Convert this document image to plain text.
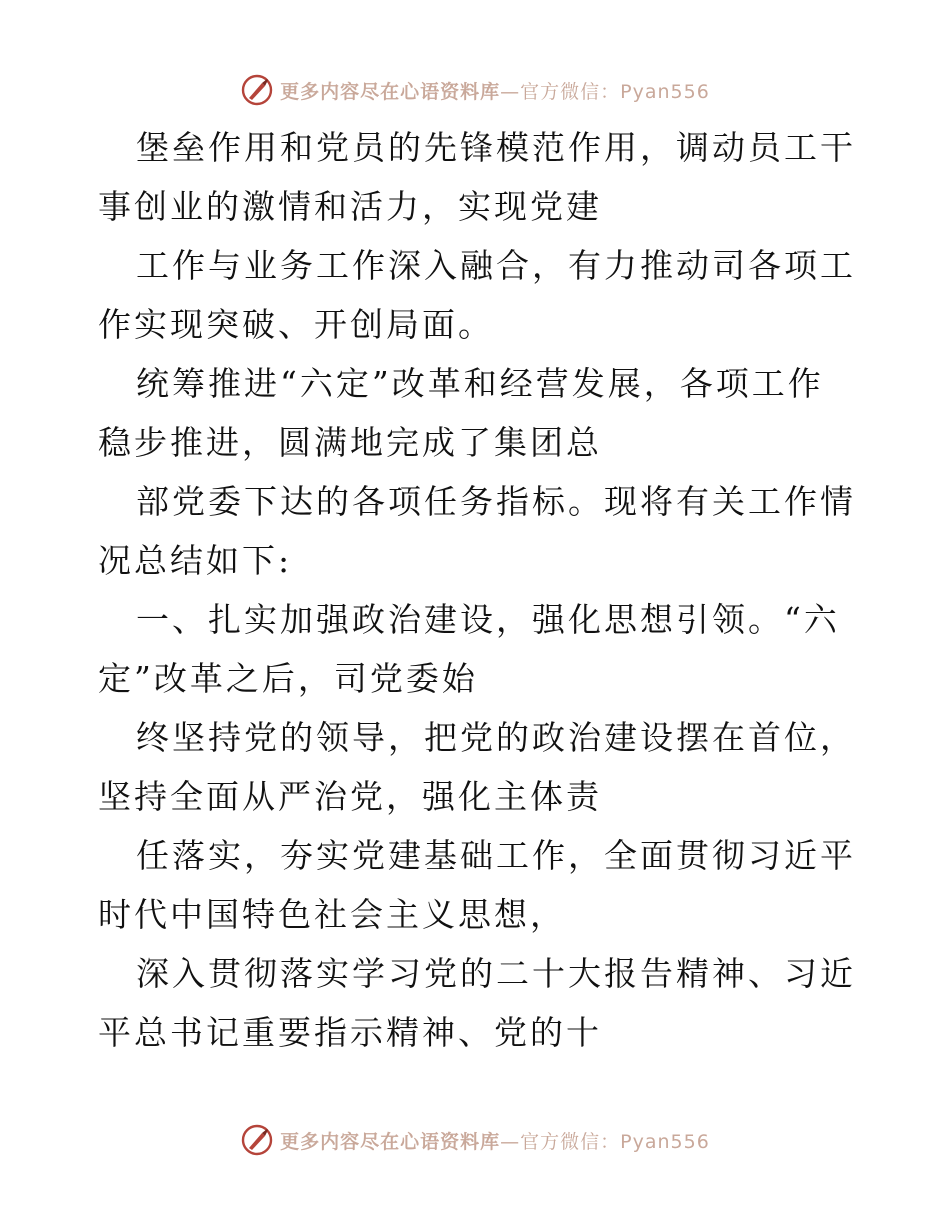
更多内容尽在心语资料库—官方微信：Pyan556

堡垒作用和党员的先锋模范作用，调动员工干事创业的激情和活力，实现党建

工作与业务工作深入融合，有力推动司各项工作实现突破、开创局面。

统筹推进“六定”改革和经营发展，各项工作稳步推进，圆满地完成了集团总

部党委下达的各项任务指标。现将有关工作情况总结如下:

一、扎实加强政治建设，强化思想引领。“六定”改革之后，司党委始

终坚持党的领导，把党的政治建设摆在首位，坚持全面从严治党，强化主体责

任落实，夯实党建基础工作，全面贯彻习近平时代中国特色社会主义思想，

深入贯彻落实学习党的二十大报告精神、习近平总书记重要指示精神、党的十

更多内容尽在心语资料库—官方微信：Pyan556
